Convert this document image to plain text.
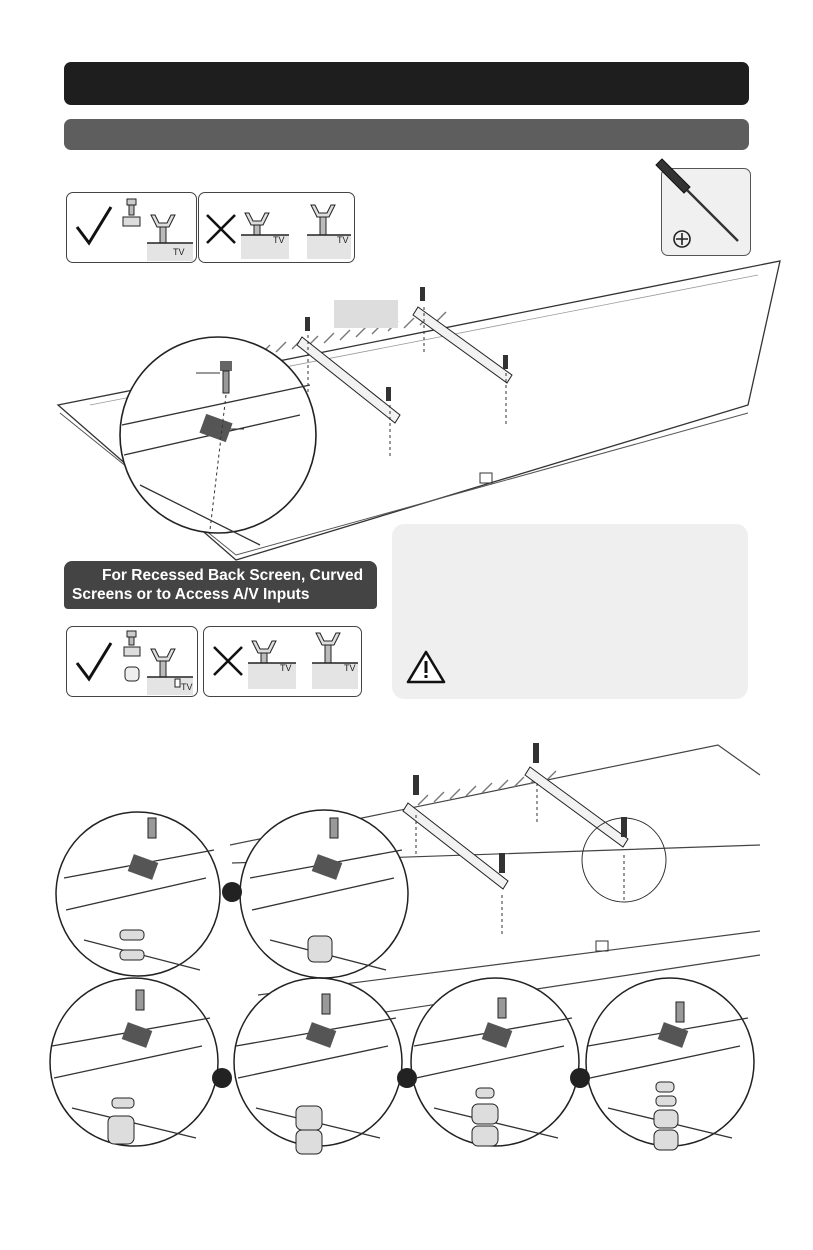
TV
TV	TV
For Recessed Back Screen, Curved
Screens or to Access A/V Inputs
TV
TV	TV
